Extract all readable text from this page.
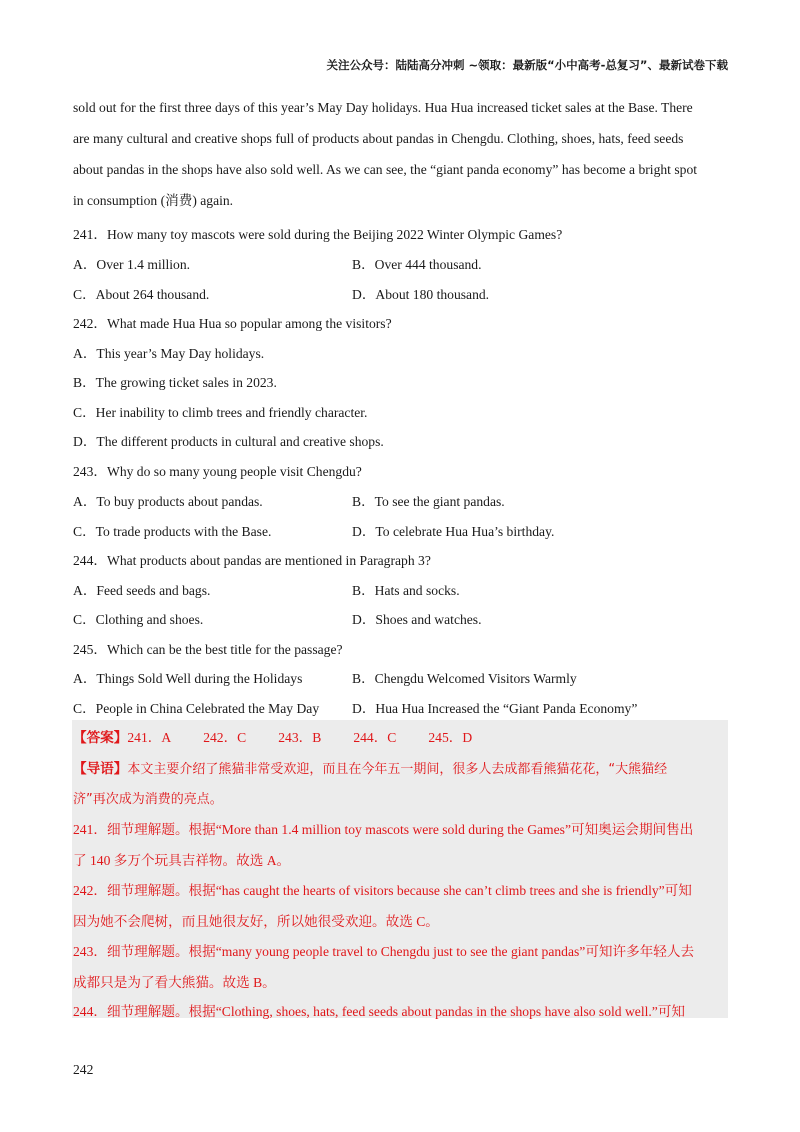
关注公众号：陆陆高分冲刺 ~领取：最新版“小中高考-总复习”、最新试卷下载
sold out for the first three days of this year’s May Day holidays. Hua Hua increased ticket sales at the Base. There
are many cultural and creative shops full of products about pandas in Chengdu. Clothing, shoes, hats, feed seeds
about pandas in the shops have also sold well. As we can see, the “giant panda economy” has become a bright spot
in consumption (消费) again.
241．How many toy mascots were sold during the Beijing 2022 Winter Olympic Games?
A．Over 1.4 million.	B．Over 444 thousand.
C．About 264 thousand.	D．About 180 thousand.
242．What made Hua Hua so popular among the visitors?
A．This year’s May Day holidays.
B．The growing ticket sales in 2023.
C．Her inability to climb trees and friendly character.
D．The different products in cultural and creative shops.
243．Why do so many young people visit Chengdu?
A．To buy products about pandas.	B．To see the giant pandas.
C．To trade products with the Base.	D．To celebrate Hua Hua’s birthday.
244．What products about pandas are mentioned in Paragraph 3?
A．Feed seeds and bags.	B．Hats and socks.
C．Clothing and shoes.	D．Shoes and watches.
245．Which can be the best title for the passage?
A．Things Sold Well during the Holidays	B．Chengdu Welcomed Visitors Warmly
C．People in China Celebrated the May Day D．Hua Hua Increased the “Giant Panda Economy”
【答案】241．A 242．C 243．B 244．C 245．D
【导语】本文主要介绍了熊猫非常受欢迎，而且在今年五一期间，很多人去成都看熊猫花花，“大熊猫经
济”再次成为消费的亮点。
241．细节理解题。根据“More than 1.4 million toy mascots were sold during the Games”可知奥运会期间售出
了 140 多万个玩具吉祥物。故选 A。
242．细节理解题。根据“has caught the hearts of visitors because she can’t climb trees and she is friendly”可知
因为她不会爬树，而且她很友好，所以她很受欢迎。故选 C。
243．细节理解题。根据“many young people travel to Chengdu just to see the giant pandas”可知许多年轻人去
成都只是为了看大熊猫。故选 B。
244．细节理解题。根据“Clothing, shoes, hats, feed seeds about pandas in the shops have also sold well.”可知
242
